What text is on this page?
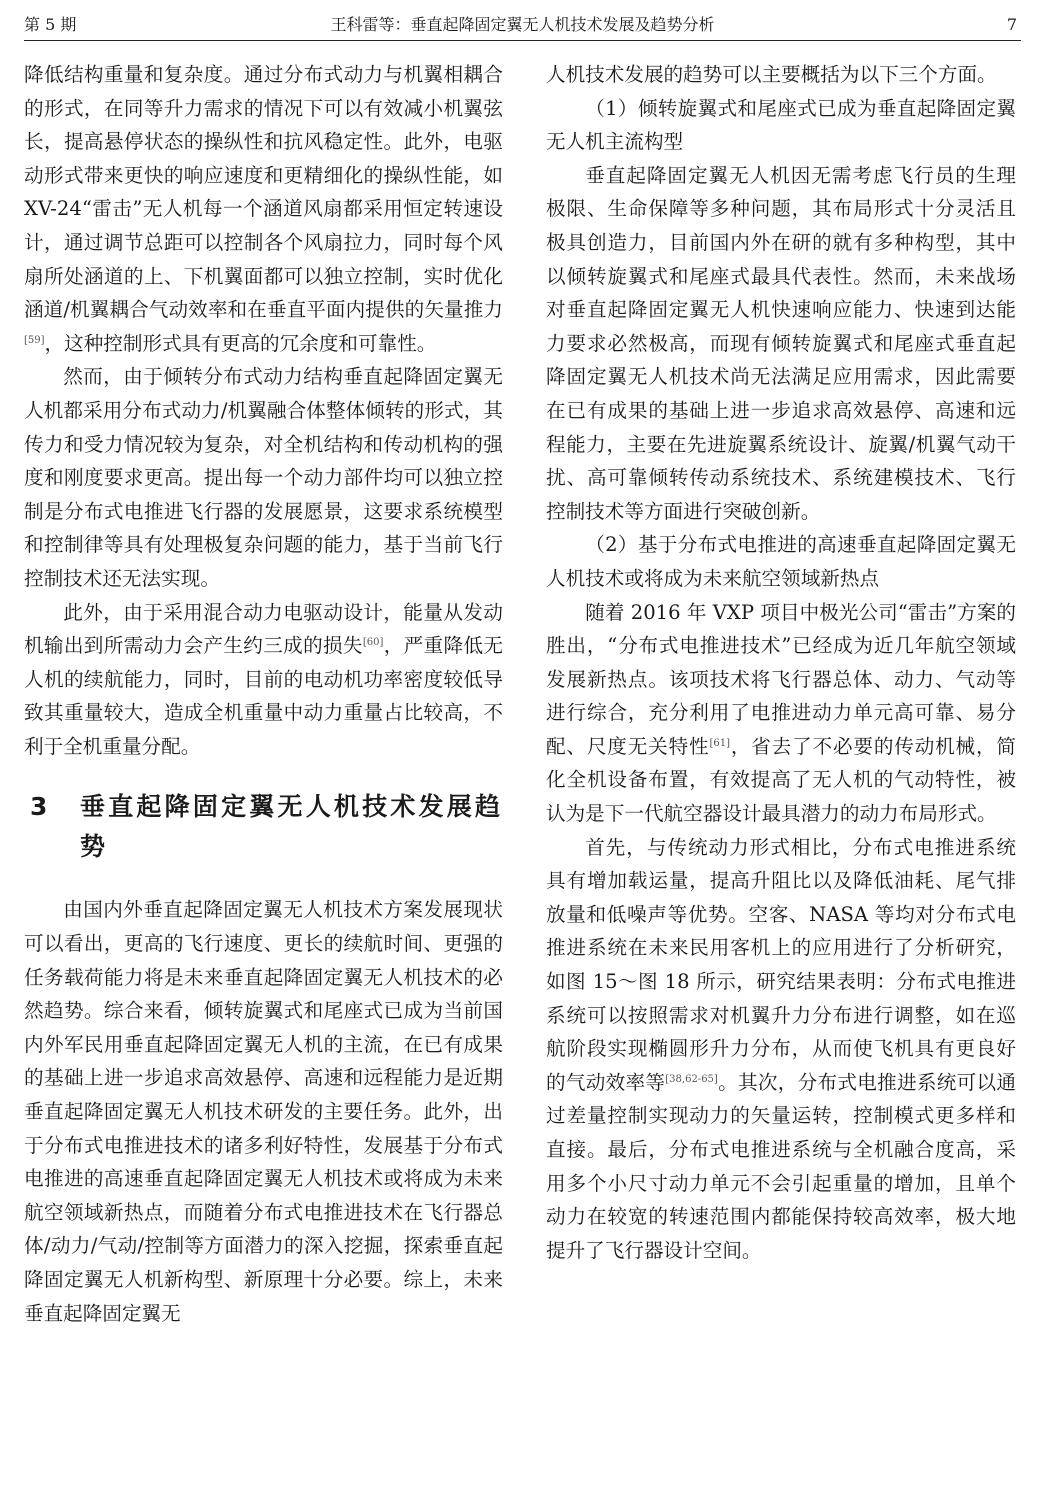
第 5 期	王科雷等：垂直起降固定翼无人机技术发展及趋势分析	7

降低结构重量和复杂度。通过分布式动力与机翼相耦合的形式，在同等升力需求的情况下可以有效减小机翼弦长，提高悬停状态的操纵性和抗风稳定性。此外，电驱动形式带来更快的响应速度和更精细化的操纵性能，如 XV-24“雷击”无人机每一个涵道风扇都采用恒定转速设计，通过调节总距可以控制各个风扇拉力，同时每个风扇所处涵道的上、下机翼面都可以独立控制，实时优化涵道/机翼耦合气动效率和在垂直平面内提供的矢量推力[59]，这种控制形式具有更高的冗余度和可靠性。

然而，由于倾转分布式动力结构垂直起降固定翼无人机都采用分布式动力/机翼融合体整体倾转的形式，其传力和受力情况较为复杂，对全机结构和传动机构的强度和刚度要求更高。提出每一个动力部件均可以独立控制是分布式电推进飞行器的发展愿景，这要求系统模型和控制律等具有处理极复杂问题的能力，基于当前飞行控制技术还无法实现。

此外，由于采用混合动力电驱动设计，能量从发动机输出到所需动力会产生约三成的损失[60]，严重降低无人机的续航能力，同时，目前的电动机功率密度较低导致其重量较大，造成全机重量中动力重量占比较高，不利于全机重量分配。

3	垂直起降固定翼无人机技术发展趋势

由国内外垂直起降固定翼无人机技术方案发展现状可以看出，更高的飞行速度、更长的续航时间、更强的任务载荷能力将是未来垂直起降固定翼无人机技术的必然趋势。综合来看，倾转旋翼式和尾座式已成为当前国内外军民用垂直起降固定翼无人机的主流，在已有成果的基础上进一步追求高效悬停、高速和远程能力是近期垂直起降固定翼无人机技术研发的主要任务。此外，出于分布式电推进技术的诸多利好特性，发展基于分布式电推进的高速垂直起降固定翼无人机技术或将成为未来航空领域新热点，而随着分布式电推进技术在飞行器总体/动力/气动/控制等方面潜力的深入挖掘，探索垂直起降固定翼无人机新构型、新原理十分必要。综上，未来垂直起降固定翼无

人机技术发展的趋势可以主要概括为以下三个方面。

（1）倾转旋翼式和尾座式已成为垂直起降固定翼无人机主流构型

垂直起降固定翼无人机因无需考虑飞行员的生理极限、生命保障等多种问题，其布局形式十分灵活且极具创造力，目前国内外在研的就有多种构型，其中以倾转旋翼式和尾座式最具代表性。然而，未来战场对垂直起降固定翼无人机快速响应能力、快速到达能力要求必然极高，而现有倾转旋翼式和尾座式垂直起降固定翼无人机技术尚无法满足应用需求，因此需要在已有成果的基础上进一步追求高效悬停、高速和远程能力，主要在先进旋翼系统设计、旋翼/机翼气动干扰、高可靠倾转传动系统技术、系统建模技术、飞行控制技术等方面进行突破创新。

（2）基于分布式电推进的高速垂直起降固定翼无人机技术或将成为未来航空领域新热点

随着 2016 年 VXP 项目中极光公司“雷击”方案的胜出，“分布式电推进技术”已经成为近几年航空领域发展新热点。该项技术将飞行器总体、动力、气动等进行综合，充分利用了电推进动力单元高可靠、易分配、尺度无关特性[61]，省去了不必要的传动机械，简化全机设备布置，有效提高了无人机的气动特性，被认为是下一代航空器设计最具潜力的动力布局形式。

首先，与传统动力形式相比，分布式电推进系统具有增加载运量，提高升阻比以及降低油耗、尾气排放量和低噪声等优势。空客、NASA 等均对分布式电推进系统在未来民用客机上的应用进行了分析研究，如图 15～图 18 所示，研究结果表明：分布式电推进系统可以按照需求对机翼升力分布进行调整，如在巡航阶段实现椭圆形升力分布，从而使飞机具有更良好的气动效率等[38,62-65]。其次，分布式电推进系统可以通过差量控制实现动力的矢量运转，控制模式更多样和直接。最后，分布式电推进系统与全机融合度高，采用多个小尺寸动力单元不会引起重量的增加，且单个动力在较宽的转速范围内都能保持较高效率，极大地提升了飞行器设计空间。
